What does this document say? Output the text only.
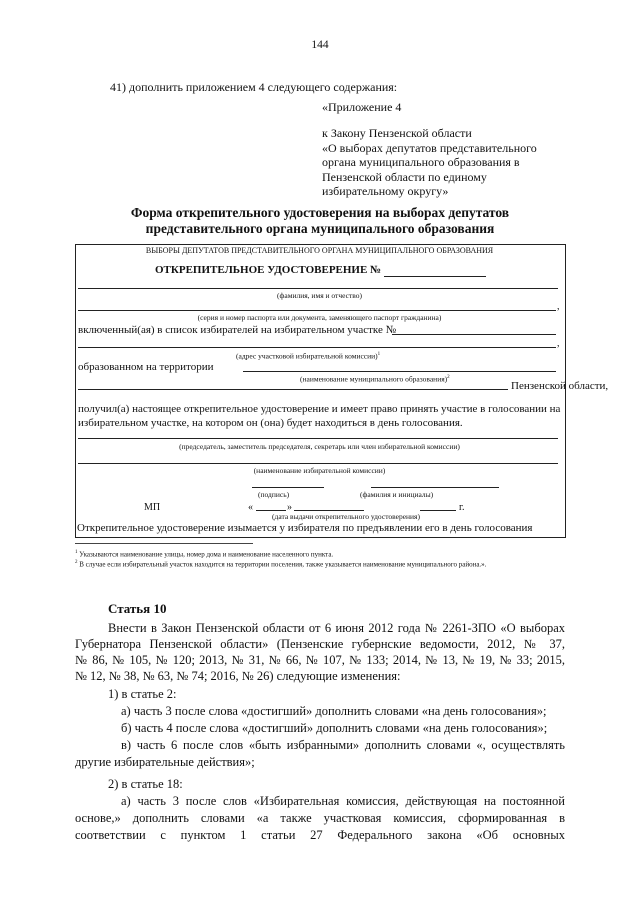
144
41) дополнить приложением 4 следующего содержания:
«Приложение 4
к Закону Пензенской области
«О выборах депутатов представительного
органа муниципального образования в
Пензенской области по единому
избирательному округу»
Форма открепительного удостоверения на выборах депутатов
представительного органа муниципального образования
ВЫБОРЫ ДЕПУТАТОВ ПРЕДСТАВИТЕЛЬНОГО ОРГАНА МУНИЦИПАЛЬНОГО ОБРАЗОВАНИЯ
ОТКРЕПИТЕЛЬНОЕ УДОСТОВЕРЕНИЕ №
(фамилия, имя и отчество)
,
(серия и номер паспорта или документа, заменяющего паспорт гражданина)
включенный(ая) в список избирателей на избирательном участке №
,
(адрес участковой избирательной комиссии)$^1$
образованном на территории
(наименование муниципального образования)$^2$
Пензенской области,
получил(а) настоящее открепительное удостоверение и имеет право принять участие в голосовании на
избирательном участке, на котором он (она) будет находиться в день голосования.
(председатель, заместитель председателя, секретарь или член избирательной комиссии)
(наименование избирательной комиссии)
(подпись)	(фамилия и инициалы)
МП	«	»	г.
(дата выдачи открепительного удостоверения)
Открепительное удостоверение изымается у избирателя по предъявлении его в день голосования
$^1$ Указываются наименование улицы, номер дома и наименование населенного пункта.
$^2$ В случае если избирательный участок находится на территории поселения, также указывается наименование муниципального района.».
Статья 10
Внести в Закон Пензенской области от 6 июня 2012 года № 2261-ЗПО «О выборах
Губернатора Пензенской области» (Пензенские губернские ведомости, 2012, № 37,
№ 86, № 105, № 120; 2013, № 31, № 66, № 107, № 133; 2014, № 13, № 19, № 33; 2015,
№ 12, № 38, № 63, № 74; 2016, № 26) следующие изменения:
1) в статье 2:
а) часть 3 после слова «достигший» дополнить словами «на день голосования»;
б) часть 4 после слова «достигший» дополнить словами «на день голосования»;
в) часть 6 после слов «быть избранными» дополнить словами «, осуществлять
другие избирательные действия»;
2) в статье 18:
а) часть 3 после слов «Избирательная комиссия, действующая на постоянной
основе,» дополнить словами «а также участковая комиссия, сформированная в
соответствии с пунктом 1 статьи 27 Федерального закона «Об основных
